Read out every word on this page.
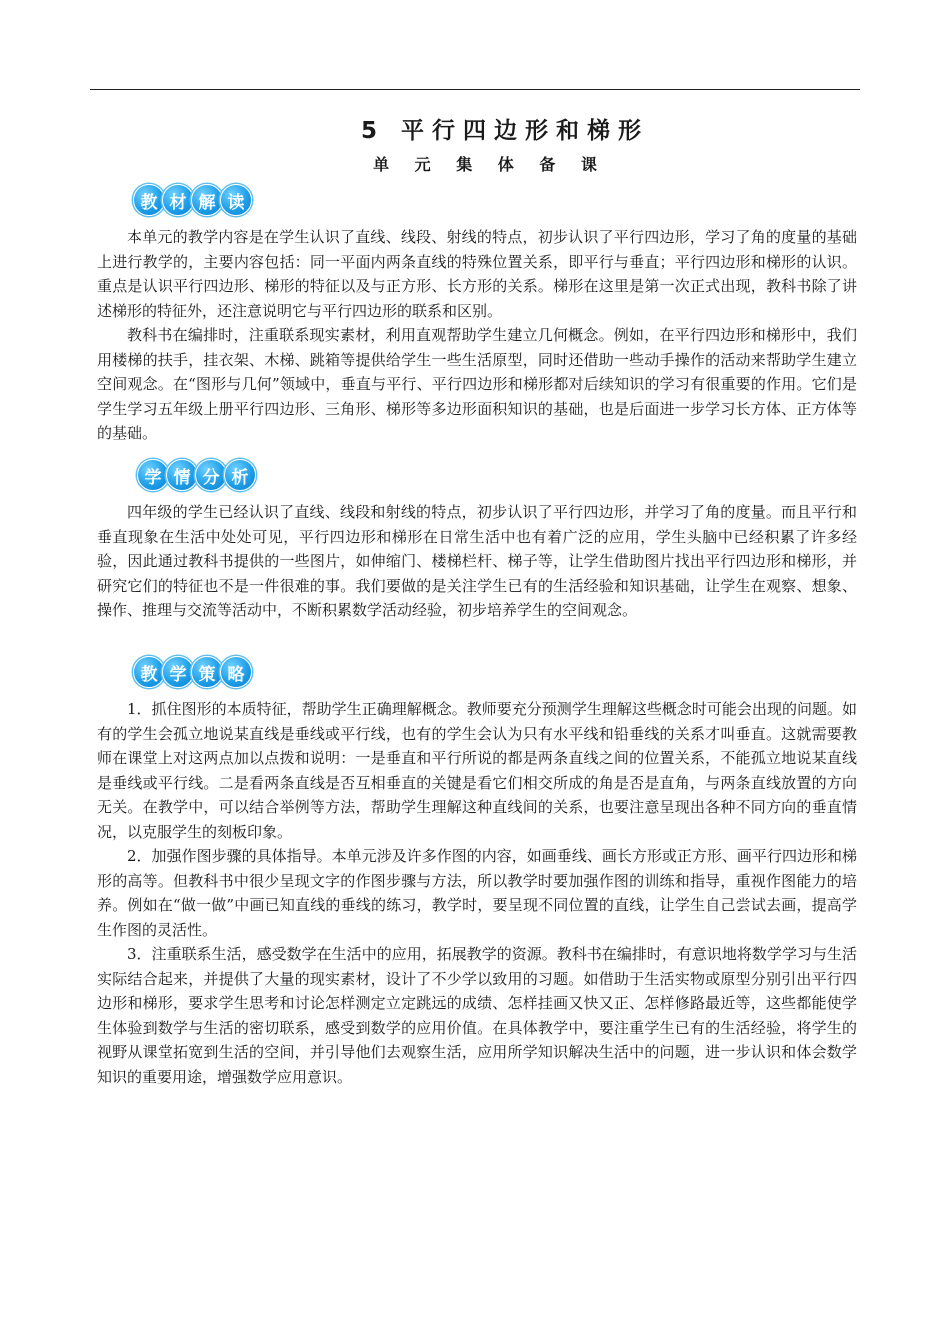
5 平行四边形和梯形
单 元 集 体 备 课
教 材 解 读

本单元的教学内容是在学生认识了直线、线段、射线的特点，初步认识了平行四边形，学习了角的度量的基础上进行教学的，主要内容包括：同一平面内两条直线的特殊位置关系，即平行与垂直；平行四边形和梯形的认识。重点是认识平行四边形、梯形的特征以及与正方形、长方形的关系。梯形在这里是第一次正式出现，教科书除了讲述梯形的特征外，还注意说明它与平行四边形的联系和区别。

教科书在编排时，注重联系现实素材，利用直观帮助学生建立几何概念。例如，在平行四边形和梯形中，我们用楼梯的扶手，挂衣架、木梯、跳箱等提供给学生一些生活原型，同时还借助一些动手操作的活动来帮助学生建立空间观念。在“图形与几何”领域中，垂直与平行、平行四边形和梯形都对后续知识的学习有很重要的作用。它们是学生学习五年级上册平行四边形、三角形、梯形等多边形面积知识的基础，也是后面进一步学习长方体、正方体等的基础。

学 情 分 析

四年级的学生已经认识了直线、线段和射线的特点，初步认识了平行四边形，并学习了角的度量。而且平行和垂直现象在生活中处处可见，平行四边形和梯形在日常生活中也有着广泛的应用，学生头脑中已经积累了许多经验，因此通过教科书提供的一些图片，如伸缩门、楼梯栏杆、梯子等，让学生借助图片找出平行四边形和梯形，并研究它们的特征也不是一件很难的事。我们要做的是关注学生已有的生活经验和知识基础，让学生在观察、想象、操作、推理与交流等活动中，不断积累数学活动经验，初步培养学生的空间观念。

教 学 策 略

1．抓住图形的本质特征，帮助学生正确理解概念。教师要充分预测学生理解这些概念时可能会出现的问题。如有的学生会孤立地说某直线是垂线或平行线，也有的学生会认为只有水平线和铅垂线的关系才叫垂直。这就需要教师在课堂上对这两点加以点拨和说明：一是垂直和平行所说的都是两条直线之间的位置关系，不能孤立地说某直线是垂线或平行线。二是看两条直线是否互相垂直的关键是看它们相交所成的角是否是直角，与两条直线放置的方向无关。在教学中，可以结合举例等方法，帮助学生理解这种直线间的关系，也要注意呈现出各种不同方向的垂直情况，以克服学生的刻板印象。

2．加强作图步骤的具体指导。本单元涉及许多作图的内容，如画垂线、画长方形或正方形、画平行四边形和梯形的高等。但教科书中很少呈现文字的作图步骤与方法，所以教学时要加强作图的训练和指导，重视作图能力的培养。例如在“做一做”中画已知直线的垂线的练习，教学时，要呈现不同位置的直线，让学生自己尝试去画，提高学生作图的灵活性。

3．注重联系生活，感受数学在生活中的应用，拓展教学的资源。教科书在编排时，有意识地将数学学习与生活实际结合起来，并提供了大量的现实素材，设计了不少学以致用的习题。如借助于生活实物或原型分别引出平行四边形和梯形，要求学生思考和讨论怎样测定立定跳远的成绩、怎样挂画又快又正、怎样修路最近等，这些都能使学生体验到数学与生活的密切联系，感受到数学的应用价值。在具体教学中，要注重学生已有的生活经验，将学生的视野从课堂拓宽到生活的空间，并引导他们去观察生活，应用所学知识解决生活中的问题，进一步认识和体会数学知识的重要用途，增强数学应用意识。
